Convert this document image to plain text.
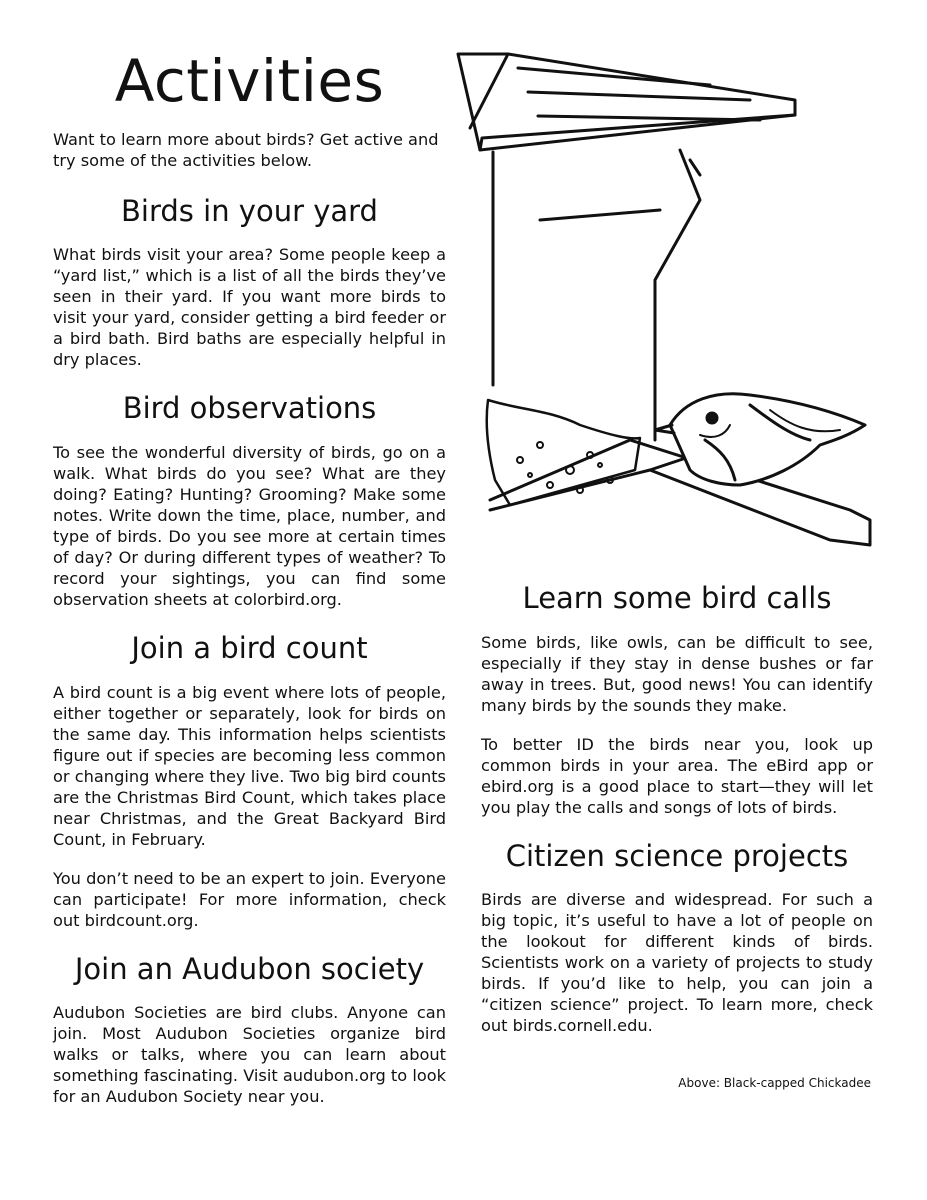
Activities

Want to learn more about birds? Get active and try some of the activities below.

Birds in your yard

What birds visit your area? Some people keep a “yard list,” which is a list of all the birds they’ve seen in their yard. If you want more birds to visit your yard, consider getting a bird feeder or a bird bath. Bird baths are especially helpful in dry places.

Bird observations

To see the wonderful diversity of birds, go on a walk. What birds do you see? What are they doing? Eating? Hunting? Grooming? Make some notes. Write down the time, place, number, and type of birds. Do you see more at certain times of day? Or during different types of weather? To record your sightings, you can find some observation sheets at colorbird.org.

Join a bird count

A bird count is a big event where lots of people, either together or separately, look for birds on the same day. This information helps scientists figure out if species are becoming less common or changing where they live. Two big bird counts are the Christmas Bird Count, which takes place near Christmas, and the Great Backyard Bird Count, in February.

You don’t need to be an expert to join. Everyone can participate! For more information, check out birdcount.org.

Join an Audubon society

Audubon Societies are bird clubs. Anyone can join. Most Audubon Societies organize bird walks or talks, where you can learn about something fascinating. Visit audubon.org to look for an Audubon Society near you.

Learn some bird calls

Some birds, like owls, can be difficult to see, especially if they stay in dense bushes or far away in trees. But, good news! You can identify many birds by the sounds they make.

To better ID the birds near you, look up common birds in your area. The eBird app or ebird.org is a good place to start—they will let you play the calls and songs of lots of birds.

Citizen science projects

Birds are diverse and widespread. For such a big topic, it’s useful to have a lot of people on the lookout for different kinds of birds. Scientists work on a variety of projects to study birds. If you’d like to help, you can join a “citizen science” project. To learn more, check out birds.cornell.edu.

Above: Black-capped Chickadee
